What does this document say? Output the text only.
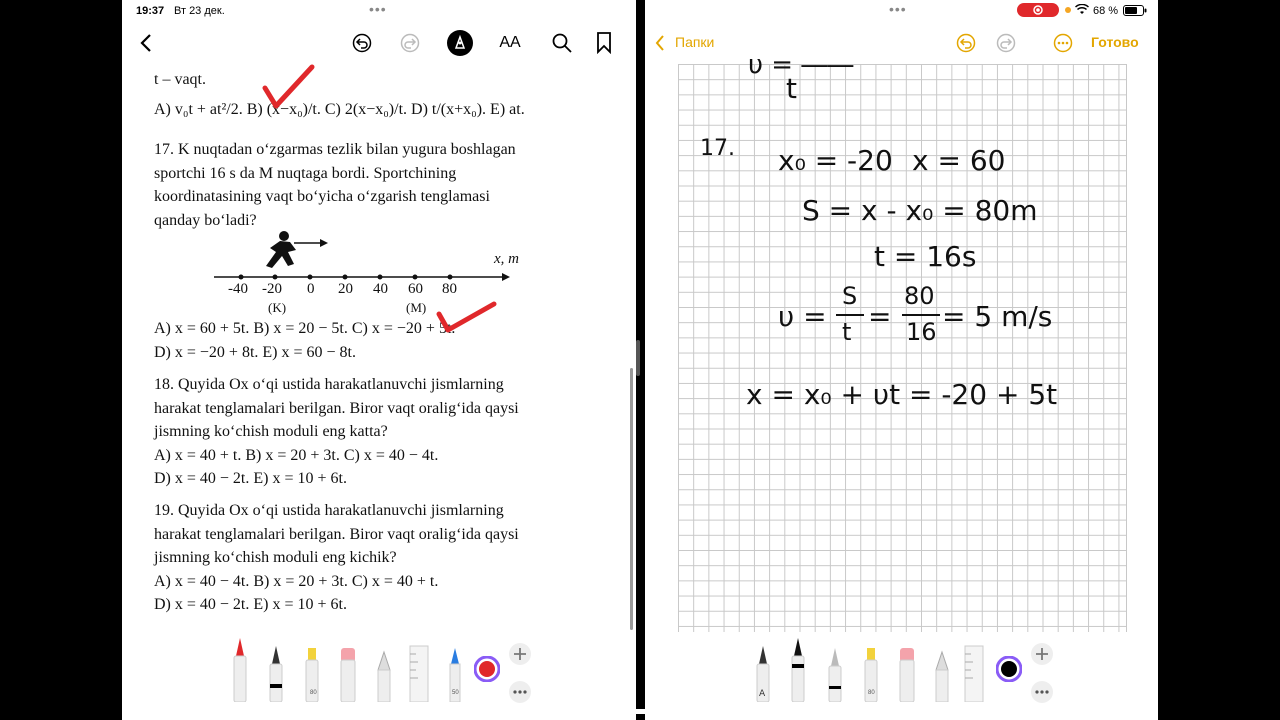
19:37 Вт 23 дек.	•••
AA

t – vaqt.

A) v₀t + at²/2. B) (x−x₀)/t. C) 2(x−x₀)/t. D) t/(x+x₀). E) at.

17. K nuqtadan o‘zgarmas tezlik bilan yugura boshlagan

sportchi 16 s da M nuqtaga bordi. Sportchining

koordinatasining vaqt bo‘yicha o‘zgarish tenglamasi

qanday bo‘ladi?

x, m
-40 -20 0 20 40 60 80
(K)	(M)

A) x = 60 + 5t. B) x = 20 − 5t. C) x = −20 + 5t.

D) x = −20 + 8t. E) x = 60 − 8t.

18. Quyida Ox o‘qi ustida harakatlanuvchi jismlarning

harakat tenglamalari berilgan. Biror vaqt oralig‘ida qaysi

jismning ko‘chish moduli eng katta?

A) x = 40 + t. B) x = 20 + 3t. C) x = 40 − 4t.

D) x = 40 − 2t. E) x = 10 + 6t.

19. Quyida Ox o‘qi ustida harakatlanuvchi jismlarning

harakat tenglamalari berilgan. Biror vaqt oralig‘ida qaysi

jismning ko‘chish moduli eng kichik?

A) x = 40 − 4t. B) x = 20 + 3t. C) x = 40 + t.

D) x = 40 − 2t. E) x = 10 + 6t.

80	50
•••	68 %
Папки	Готово
υ = ――
t
17. x₀ = -20 x = 60
S = x - x₀ = 80m
t = 16s
υ =
S
t =
80
16 = 5 m/s
x = x₀ + υt = -20 + 5t
A	80
